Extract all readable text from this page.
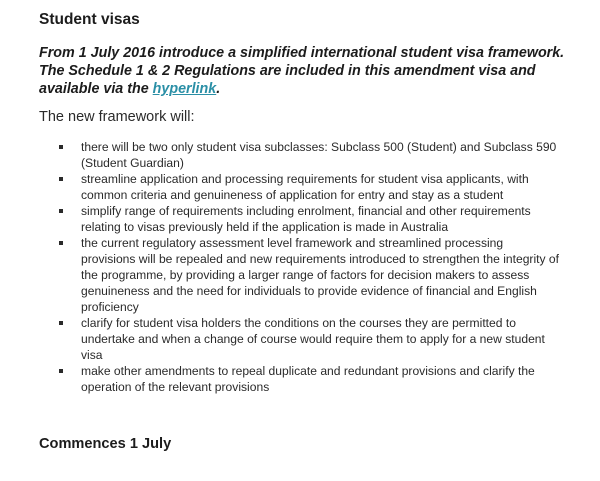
Student visas

From 1 July 2016 introduce a simplified international student visa framework. The Schedule 1 & 2 Regulations are included in this amendment visa and available via the hyperlink.

The new framework will:

there will be two only student visa subclasses: Subclass 500 (Student) and Subclass 590 (Student Guardian)
streamline application and processing requirements for student visa applicants, with common criteria and genuineness of application for entry and stay as a student
simplify range of requirements including enrolment, financial and other requirements relating to visas previously held if the application is made in Australia
the current regulatory assessment level framework and streamlined processing provisions will be repealed and new requirements introduced to strengthen the integrity of the programme, by providing a larger range of factors for decision makers to assess genuineness and the need for individuals to provide evidence of financial and English proficiency
clarify for student visa holders the conditions on the courses they are permitted to undertake and when a change of course would require them to apply for a new student visa
make other amendments to repeal duplicate and redundant provisions and clarify the operation of the relevant provisions
Commences 1 July
